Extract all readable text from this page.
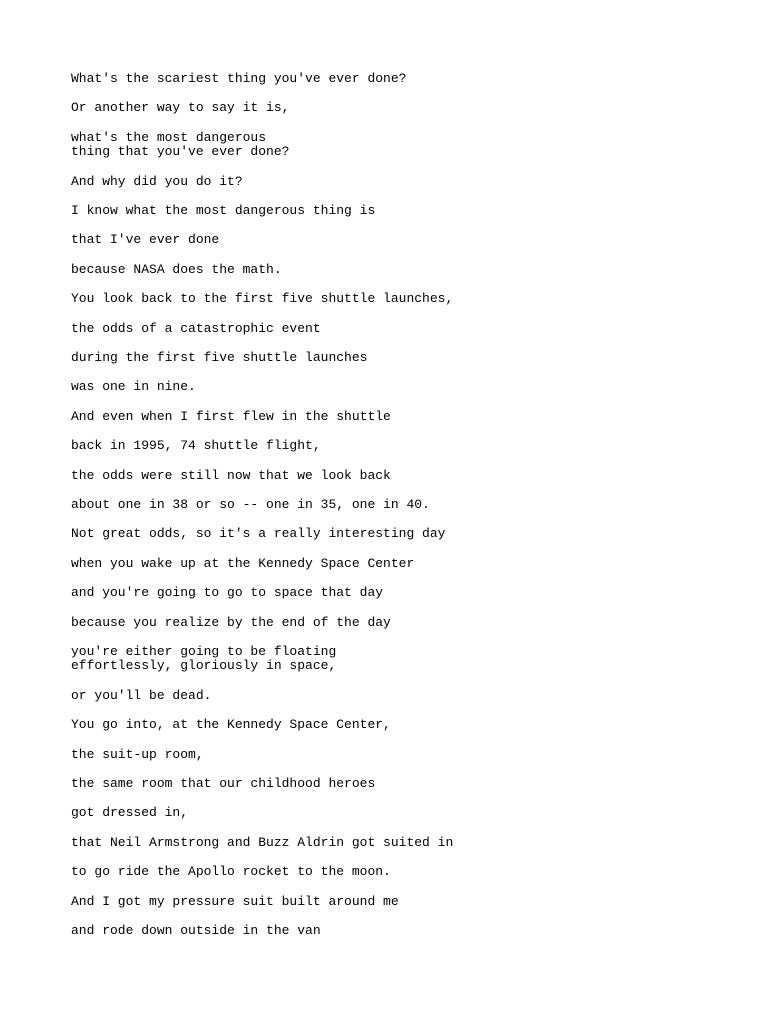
What's the scariest thing you've ever done?

Or another way to say it is,

what's the most dangerous
thing that you've ever done?

And why did you do it?

I know what the most dangerous thing is

that I've ever done

because NASA does the math.

You look back to the first five shuttle launches,

the odds of a catastrophic event

during the first five shuttle launches

was one in nine.

And even when I first flew in the shuttle

back in 1995, 74 shuttle flight,

the odds were still now that we look back

about one in 38 or so -- one in 35, one in 40.

Not great odds, so it's a really interesting day

when you wake up at the Kennedy Space Center

and you're going to go to space that day

because you realize by the end of the day

you're either going to be floating
effortlessly, gloriously in space,

or you'll be dead.

You go into, at the Kennedy Space Center,

the suit-up room,

the same room that our childhood heroes

got dressed in,

that Neil Armstrong and Buzz Aldrin got suited in

to go ride the Apollo rocket to the moon.

And I got my pressure suit built around me

and rode down outside in the van
